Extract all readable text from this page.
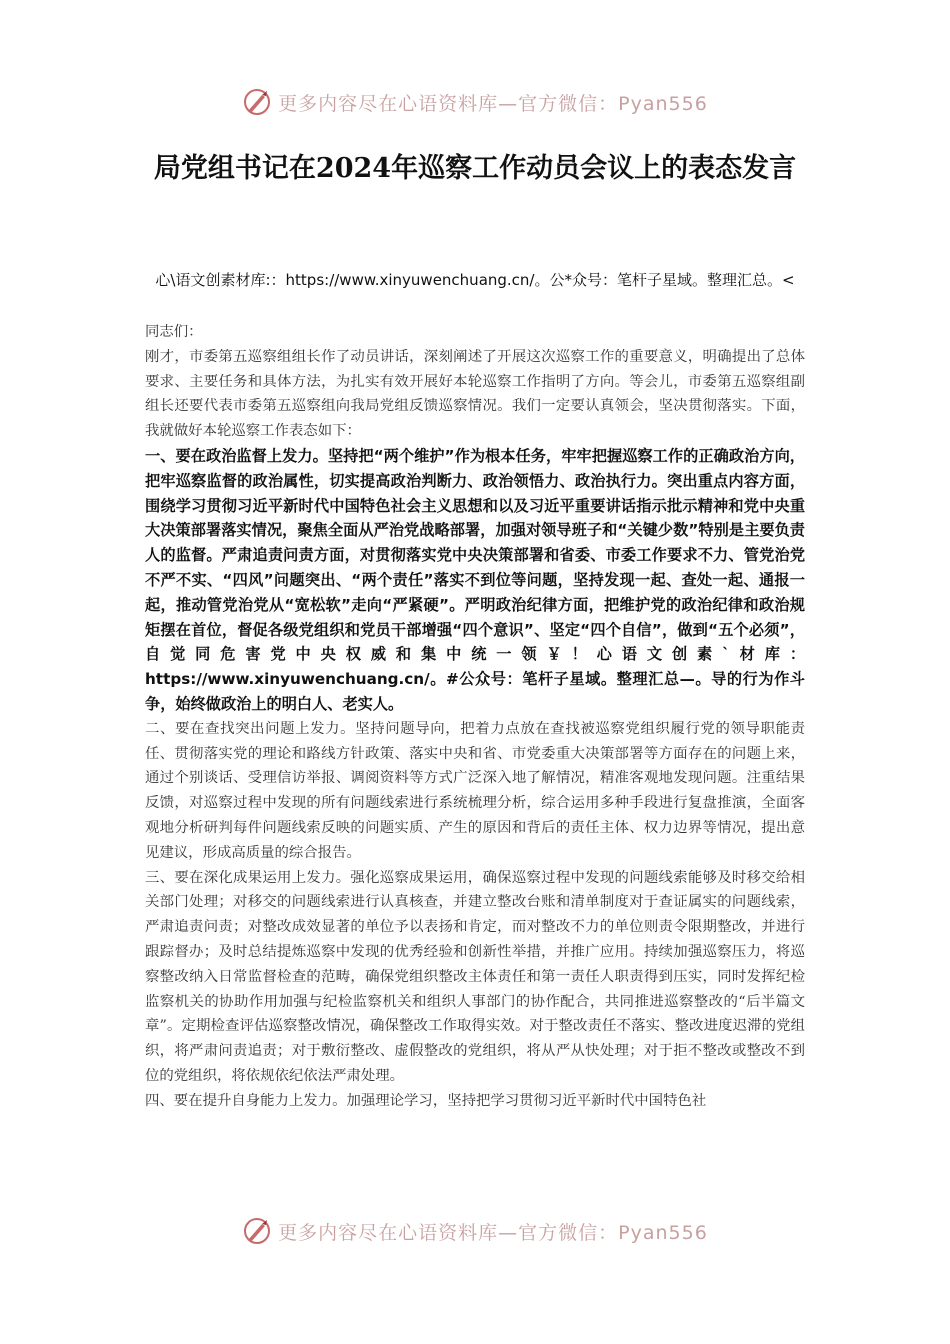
更多内容尽在心语资料库—官方微信：Pyan556
局党组书记在2024年巡察工作动员会议上的表态发言
心\语文创素材库:：https://www.xinyuwenchuang.cn/。公*众号：笔杆子星域。整理汇总。<

同志们：

刚才，市委第五巡察组组长作了动员讲话，深刻阐述了开展这次巡察工作的重要意义，明确提出了总体要求、主要任务和具体方法，为扎实有效开展好本轮巡察工作指明了方向。等会儿，市委第五巡察组副组长还要代表市委第五巡察组向我局党组反馈巡察情况。我们一定要认真领会，坚决贯彻落实。下面，我就做好本轮巡察工作表态如下：

一、要在政治监督上发力。坚持把“两个维护”作为根本任务，牢牢把握巡察工作的正确政治方向，把牢巡察监督的政治属性，切实提高政治判断力、政治领悟力、政治执行力。突出重点内容方面，围绕学习贯彻习近平新时代中国特色社会主义思想和以及习近平重要讲话指示批示精神和党中央重大决策部署落实情况，聚焦全面从严治党战略部署，加强对领导班子和“关键少数”特别是主要负责人的监督。严肃追责问责方面，对贯彻落实党中央决策部署和省委、市委工作要求不力、管党治党不严不实、“四风”问题突出、“两个责任”落实不到位等问题，坚持发现一起、查处一起、通报一起，推动管党治党从“宽松软”走向“严紧硬”。严明政治纪律方面，把维护党的政治纪律和政治规矩摆在首位，督促各级党组织和党员干部增强“四个意识”、坚定“四个自信”，做到“五个必须”，自觉同危害党中央权威和集中统一领￥！心语文创素`材库：https://www.xinyuwenchuang.cn/。#公众号：笔杆子星域。整理汇总—。导的行为作斗争，始终做政治上的明白人、老实人。

二、要在查找突出问题上发力。坚持问题导向，把着力点放在查找被巡察党组织履行党的领导职能责任、贯彻落实党的理论和路线方针政策、落实中央和省、市党委重大决策部署等方面存在的问题上来，通过个别谈话、受理信访举报、调阅资料等方式广泛深入地了解情况，精准客观地发现问题。注重结果反馈，对巡察过程中发现的所有问题线索进行系统梳理分析，综合运用多种手段进行复盘推演，全面客观地分析研判每件问题线索反映的问题实质、产生的原因和背后的责任主体、权力边界等情况，提出意见建议，形成高质量的综合报告。

三、要在深化成果运用上发力。强化巡察成果运用，确保巡察过程中发现的问题线索能够及时移交给相关部门处理；对移交的问题线索进行认真核查，并建立整改台账和清单制度对于查证属实的问题线索，严肃追责问责；对整改成效显著的单位予以表扬和肯定，而对整改不力的单位则责令限期整改，并进行跟踪督办；及时总结提炼巡察中发现的优秀经验和创新性举措，并推广应用。持续加强巡察压力，将巡察整改纳入日常监督检查的范畴，确保党组织整改主体责任和第一责任人职责得到压实，同时发挥纪检监察机关的协助作用加强与纪检监察机关和组织人事部门的协作配合，共同推进巡察整改的“后半篇文章”。定期检查评估巡察整改情况，确保整改工作取得实效。对于整改责任不落实、整改进度迟滞的党组织，将严肃问责追责；对于敷衍整改、虚假整改的党组织，将从严从快处理；对于拒不整改或整改不到位的党组织，将依规依纪依法严肃处理。

四、要在提升自身能力上发力。加强理论学习，坚持把学习贯彻习近平新时代中国特色社

更多内容尽在心语资料库—官方微信：Pyan556
